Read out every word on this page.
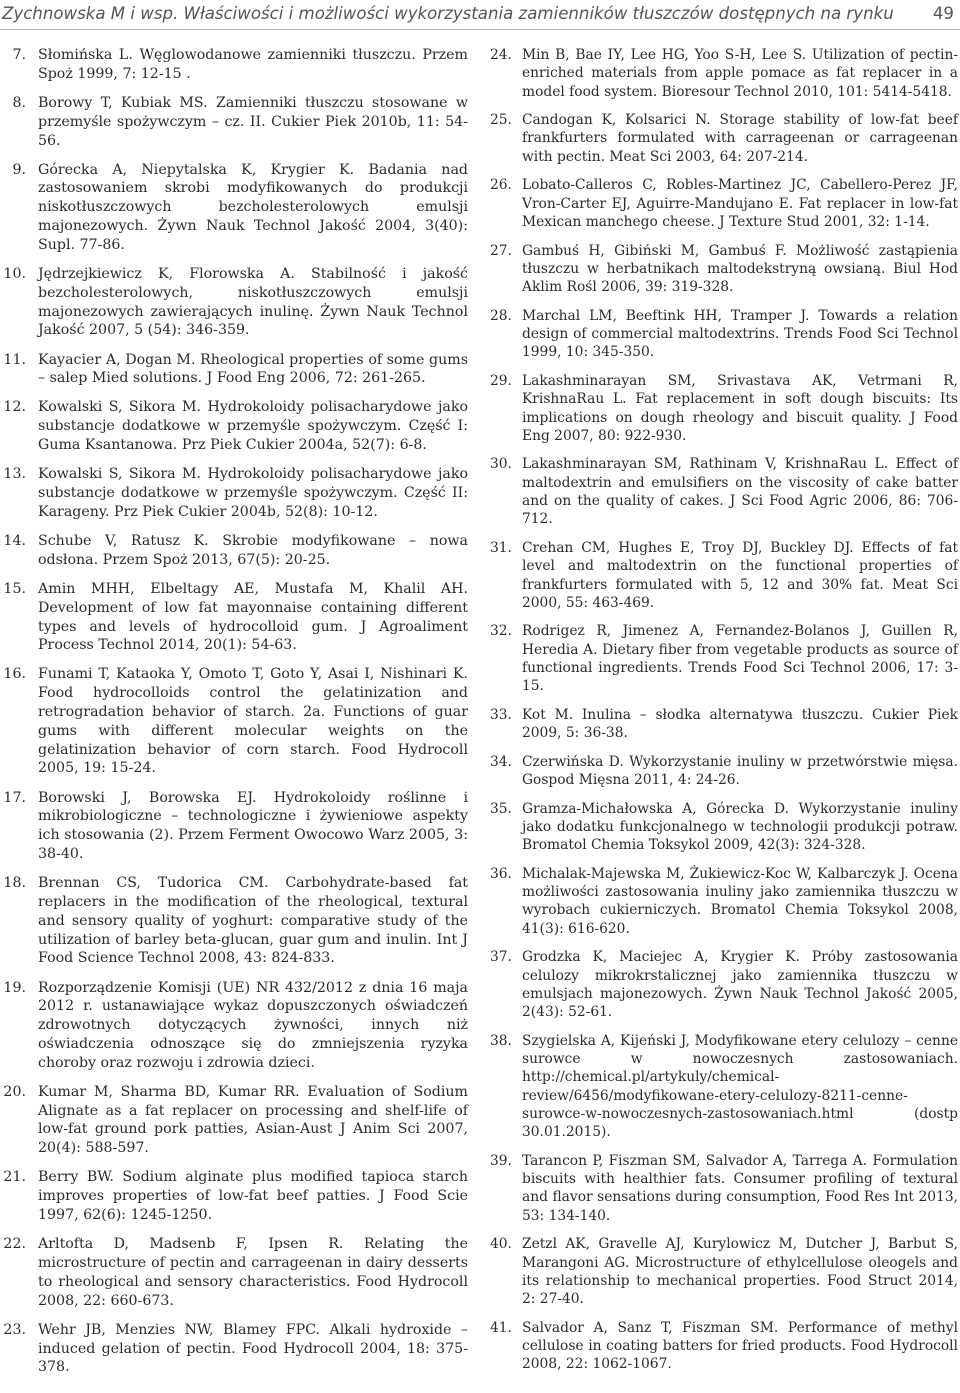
Zychnowska M i wsp. Właściwości i możliwości wykorzystania zamienników tłuszczów dostępnych na rynku 49
7. Słomińska L. Węglowodanowe zamienniki tłuszczu. Przem Spoż 1999, 7: 12-15 .
8. Borowy T, Kubiak MS. Zamienniki tłuszczu stosowane w przemyśle spożywczym – cz. II. Cukier Piek 2010b, 11: 54-56.
9. Górecka A, Niepytalska K, Krygier K. Badania nad zastosowaniem skrobi modyfikowanych do produkcji niskotłuszczowych bezcholesterolowych emulsji majonezowych. Żywn Nauk Technol Jakość 2004, 3(40): Supl. 77-86.
10. Jędrzejkiewicz K, Florowska A. Stabilność i jakość bezcholesterolowych, niskotłuszczowych emulsji majonezowych zawierających inulinę. Żywn Nauk Technol Jakość 2007, 5 (54): 346-359.
11. Kayacier A, Dogan M. Rheological properties of some gums – salep Mied solutions. J Food Eng 2006, 72: 261-265.
12. Kowalski S, Sikora M. Hydrokoloidy polisacharydowe jako substancje dodatkowe w przemyśle spożywczym. Część I: Guma Ksantanowa. Prz Piek Cukier 2004a, 52(7): 6-8.
13. Kowalski S, Sikora M. Hydrokoloidy polisacharydowe jako substancje dodatkowe w przemyśle spożywczym. Część II: Karageny. Prz Piek Cukier 2004b, 52(8): 10-12.
14. Schube V, Ratusz K. Skrobie modyfikowane – nowa odsłona. Przem Spoż 2013, 67(5): 20-25.
15. Amin MHH, Elbeltagy AE, Mustafa M, Khalil AH. Development of low fat mayonnaise containing different types and levels of hydrocolloid gum. J Agroaliment Process Technol 2014, 20(1): 54-63.
16. Funami T, Kataoka Y, Omoto T, Goto Y, Asai I, Nishinari K. Food hydrocolloids control the gelatinization and retrogradation behavior of starch. 2a. Functions of guar gums with different molecular weights on the gelatinization behavior of corn starch. Food Hydrocoll 2005, 19: 15-24.
17. Borowski J, Borowska EJ. Hydrokoloidy roślinne i mikrobiologiczne – technologiczne i żywieniowe aspekty ich stosowania (2). Przem Ferment Owocowo Warz 2005, 3: 38-40.
18. Brennan CS, Tudorica CM. Carbohydrate-based fat replacers in the modification of the rheological, textural and sensory quality of yoghurt: comparative study of the utilization of barley beta-glucan, guar gum and inulin. Int J Food Science Technol 2008, 43: 824-833.
19. Rozporządzenie Komisji (UE) NR 432/2012 z dnia 16 maja 2012 r. ustanawiające wykaz dopuszczonych oświadczeń zdrowotnych dotyczących żywności, innych niż oświadczenia odnoszące się do zmniejszenia ryzyka choroby oraz rozwoju i zdrowia dzieci.
20. Kumar M, Sharma BD, Kumar RR. Evaluation of Sodium Alignate as a fat replacer on processing and shelf-life of low-fat ground pork patties, Asian-Aust J Anim Sci 2007, 20(4): 588-597.
21. Berry BW. Sodium alginate plus modified tapioca starch improves properties of low-fat beef patties. J Food Scie 1997, 62(6): 1245-1250.
22. Arltofta D, Madsenb F, Ipsen R. Relating the microstructure of pectin and carrageenan in dairy desserts to rheological and sensory characteristics. Food Hydrocoll 2008, 22: 660-673.
23. Wehr JB, Menzies NW, Blamey FPC. Alkali hydroxide – induced gelation of pectin. Food Hydrocoll 2004, 18: 375-378.
24. Min B, Bae IY, Lee HG, Yoo S-H, Lee S. Utilization of pectin-enriched materials from apple pomace as fat replacer in a model food system. Bioresour Technol 2010, 101: 5414-5418.
25. Candogan K, Kolsarici N. Storage stability of low-fat beef frankfurters formulated with carrageenan or carrageenan with pectin. Meat Sci 2003, 64: 207-214.
26. Lobato-Calleros C, Robles-Martinez JC, Cabellero-Perez JF, Vron-Carter EJ, Aguirre-Mandujano E. Fat replacer in low-fat Mexican manchego cheese. J Texture Stud 2001, 32: 1-14.
27. Gambuś H, Gibiński M, Gambuś F. Możliwość zastąpienia tłuszczu w herbatnikach maltodekstryną owsianą. Biul Hod Aklim Rośl 2006, 39: 319-328.
28. Marchal LM, Beeftink HH, Tramper J. Towards a relation design of commercial maltodextrins. Trends Food Sci Technol 1999, 10: 345-350.
29. Lakashminarayan SM, Srivastava AK, Vetrmani R, KrishnaRau L. Fat replacement in soft dough biscuits: Its implications on dough rheology and biscuit quality. J Food Eng 2007, 80: 922-930.
30. Lakashminarayan SM, Rathinam V, KrishnaRau L. Effect of maltodextrin and emulsifiers on the viscosity of cake batter and on the quality of cakes. J Sci Food Agric 2006, 86: 706-712.
31. Crehan CM, Hughes E, Troy DJ, Buckley DJ. Effects of fat level and maltodextrin on the functional properties of frankfurters formulated with 5, 12 and 30% fat. Meat Sci 2000, 55: 463-469.
32. Rodrigez R, Jimenez A, Fernandez-Bolanos J, Guillen R, Heredia A. Dietary fiber from vegetable products as source of functional ingredients. Trends Food Sci Technol 2006, 17: 3-15.
33. Kot M. Inulina – słodka alternatywa tłuszczu. Cukier Piek 2009, 5: 36-38.
34. Czerwińska D. Wykorzystanie inuliny w przetwórstwie mięsa. Gospod Mięsna 2011, 4: 24-26.
35. Gramza-Michałowska A, Górecka D. Wykorzystanie inuliny jako dodatku funkcjonalnego w technologii produkcji potraw. Bromatol Chemia Toksykol 2009, 42(3): 324-328.
36. Michalak-Majewska M, Żukiewicz-Koc W, Kalbarczyk J. Ocena możliwości zastosowania inuliny jako zamiennika tłuszczu w wyrobach cukierniczych. Bromatol Chemia Toksykol 2008, 41(3): 616-620.
37. Grodzka K, Maciejec A, Krygier K. Próby zastosowania celulozy mikrokrstalicznej jako zamiennika tłuszczu w emulsjach majonezowych. Żywn Nauk Technol Jakość 2005, 2(43): 52-61.
38. Szygielska A, Kijeński J, Modyfikowane etery celulozy – cenne surowce w nowoczesnych zastosowaniach. http://chemical.pl/artykuly/chemical-review/6456/modyfikowane-etery-celulozy-8211-cenne-surowce-w-nowoczesnych-zastosowaniach.html (dostp 30.01.2015).
39. Tarancon P, Fiszman SM, Salvador A, Tarrega A. Formulation biscuits with healthier fats. Consumer profiling of textural and flavor sensations during consumption, Food Res Int 2013, 53: 134-140.
40. Zetzl AK, Gravelle AJ, Kurylowicz M, Dutcher J, Barbut S, Marangoni AG. Microstructure of ethylcellulose oleogels and its relationship to mechanical properties. Food Struct 2014, 2: 27-40.
41. Salvador A, Sanz T, Fiszman SM. Performance of methyl cellulose in coating batters for fried products. Food Hydrocoll 2008, 22: 1062-1067.
